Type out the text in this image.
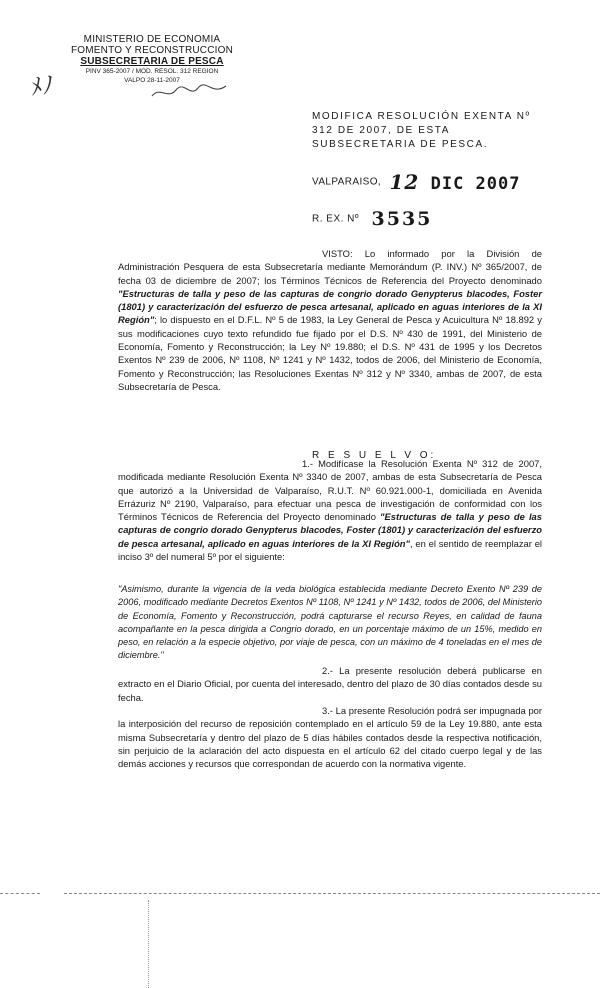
MINISTERIO DE ECONOMIA
FOMENTO Y RECONSTRUCCION
SUBSECRETARIA DE PESCA
PINV 365-2007 / MOD. RESOL. 312 REGION
VALPO 28-11-2007
ﾒﾉ
MODIFICA RESOLUCIÓN EXENTA Nº 312 DE 2007, DE ESTA SUBSECRETARIA DE PESCA.
VALPARAISO, 12 DIC 2007
R. EX. Nº 3535
VISTO: Lo informado por la División de Administración Pesquera de esta Subsecretaría mediante Memorándum (P. INV.) Nº 365/2007, de fecha 03 de diciembre de 2007; los Términos Técnicos de Referencia del Proyecto denominado "Estructuras de talla y peso de las capturas de congrio dorado Genypterus blacodes, Foster (1801) y caracterización del esfuerzo de pesca artesanal, aplicado en aguas interiores de la XI Región"; lo dispuesto en el D.F.L. Nº 5 de 1983, la Ley General de Pesca y Acuicultura Nº 18.892 y sus modificaciones cuyo texto refundido fue fijado por el D.S. Nº 430 de 1991, del Ministerio de Economía, Fomento y Reconstrucción; la Ley Nº 19.880; el D.S. Nº 431 de 1995 y los Decretos Exentos Nº 239 de 2006, Nº 1108, Nº 1241 y Nº 1432, todos de 2006, del Ministerio de Economía, Fomento y Reconstrucción; las Resoluciones Exentas Nº 312 y Nº 3340, ambas de 2007, de esta Subsecretaría de Pesca.
R E S U E L V O:
1.- Modifícase la Resolución Exenta Nº 312 de 2007, modificada mediante Resolución Exenta Nº 3340 de 2007, ambas de esta Subsecretaría de Pesca que autorizó a la Universidad de Valparaíso, R.U.T. Nº 60.921.000-1, domiciliada en Avenida Errázuriz Nº 2190, Valparaíso, para efectuar una pesca de investigación de conformidad con los Términos Técnicos de Referencia del Proyecto denominado "Estructuras de talla y peso de las capturas de congrio dorado Genypterus blacodes, Foster (1801) y caracterización del esfuerzo de pesca artesanal, aplicado en aguas interiores de la XI Región", en el sentido de reemplazar el inciso 3º del numeral 5º por el siguiente:
"Asimismo, durante la vigencia de la veda biológica establecida mediante Decreto Exento Nº 239 de 2006, modificado mediante Decretos Exentos Nº 1108, Nº 1241 y Nº 1432, todos de 2006, del Ministerio de Economía, Fomento y Reconstrucción, podrá capturarse el recurso Reyes, en calidad de fauna acompañante en la pesca dirigida a Congrio dorado, en un porcentaje máximo de un 15%, medido en peso, en relación a la especie objetivo, por viaje de pesca, con un máximo de 4 toneladas en el mes de diciembre."
2.- La presente resolución deberá publicarse en extracto en el Diario Oficial, por cuenta del interesado, dentro del plazo de 30 días contados desde su fecha.
3.- La presente Resolución podrá ser impugnada por la interposición del recurso de reposición contemplado en el artículo 59 de la Ley 19.880, ante esta misma Subsecretaría y dentro del plazo de 5 días hábiles contados desde la respectiva notificación, sin perjuicio de la aclaración del acto dispuesta en el artículo 62 del citado cuerpo legal y de las demás acciones y recursos que correspondan de acuerdo con la normativa vigente.
